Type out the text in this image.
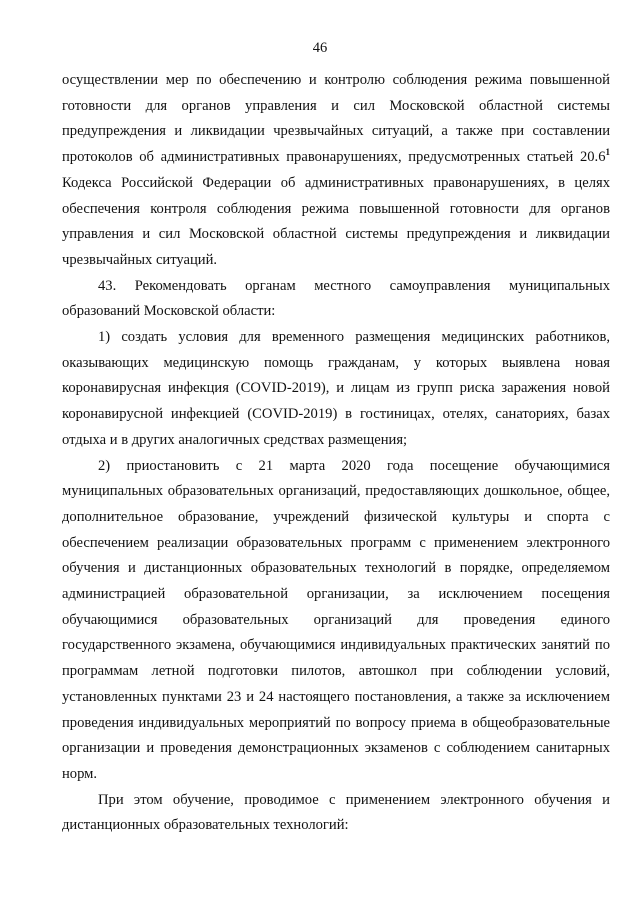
46

осуществлении мер по обеспечению и контролю соблюдения режима повышенной готовности для органов управления и сил Московской областной системы предупреждения и ликвидации чрезвычайных ситуаций, а также при составлении протоколов об административных правонарушениях, предусмотренных статьей 20.6$^1$ Кодекса Российской Федерации об административных правонарушениях, в целях обеспечения контроля соблюдения режима повышенной готовности для органов управления и сил Московской областной системы предупреждения и ликвидации чрезвычайных ситуаций.

43. Рекомендовать органам местного самоуправления муниципальных образований Московской области:

1) создать условия для временного размещения медицинских работников, оказывающих медицинскую помощь гражданам, у которых выявлена новая коронавирусная инфекция (COVID-2019), и лицам из групп риска заражения новой коронавирусной инфекцией (COVID-2019) в гостиницах, отелях, санаториях, базах отдыха и в других аналогичных средствах размещения;

2) приостановить с 21 марта 2020 года посещение обучающимися муниципальных образовательных организаций, предоставляющих дошкольное, общее, дополнительное образование, учреждений физической культуры и спорта с обеспечением реализации образовательных программ с применением электронного обучения и дистанционных образовательных технологий в порядке, определяемом администрацией образовательной организации, за исключением посещения обучающимися образовательных организаций для проведения единого государственного экзамена, обучающимися индивидуальных практических занятий по программам летной подготовки пилотов, автошкол при соблюдении условий, установленных пунктами 23 и 24 настоящего постановления, а также за исключением проведения индивидуальных мероприятий по вопросу приема в общеобразовательные организации и проведения демонстрационных экзаменов с соблюдением санитарных норм.

При этом обучение, проводимое с применением электронного обучения и дистанционных образовательных технологий:
